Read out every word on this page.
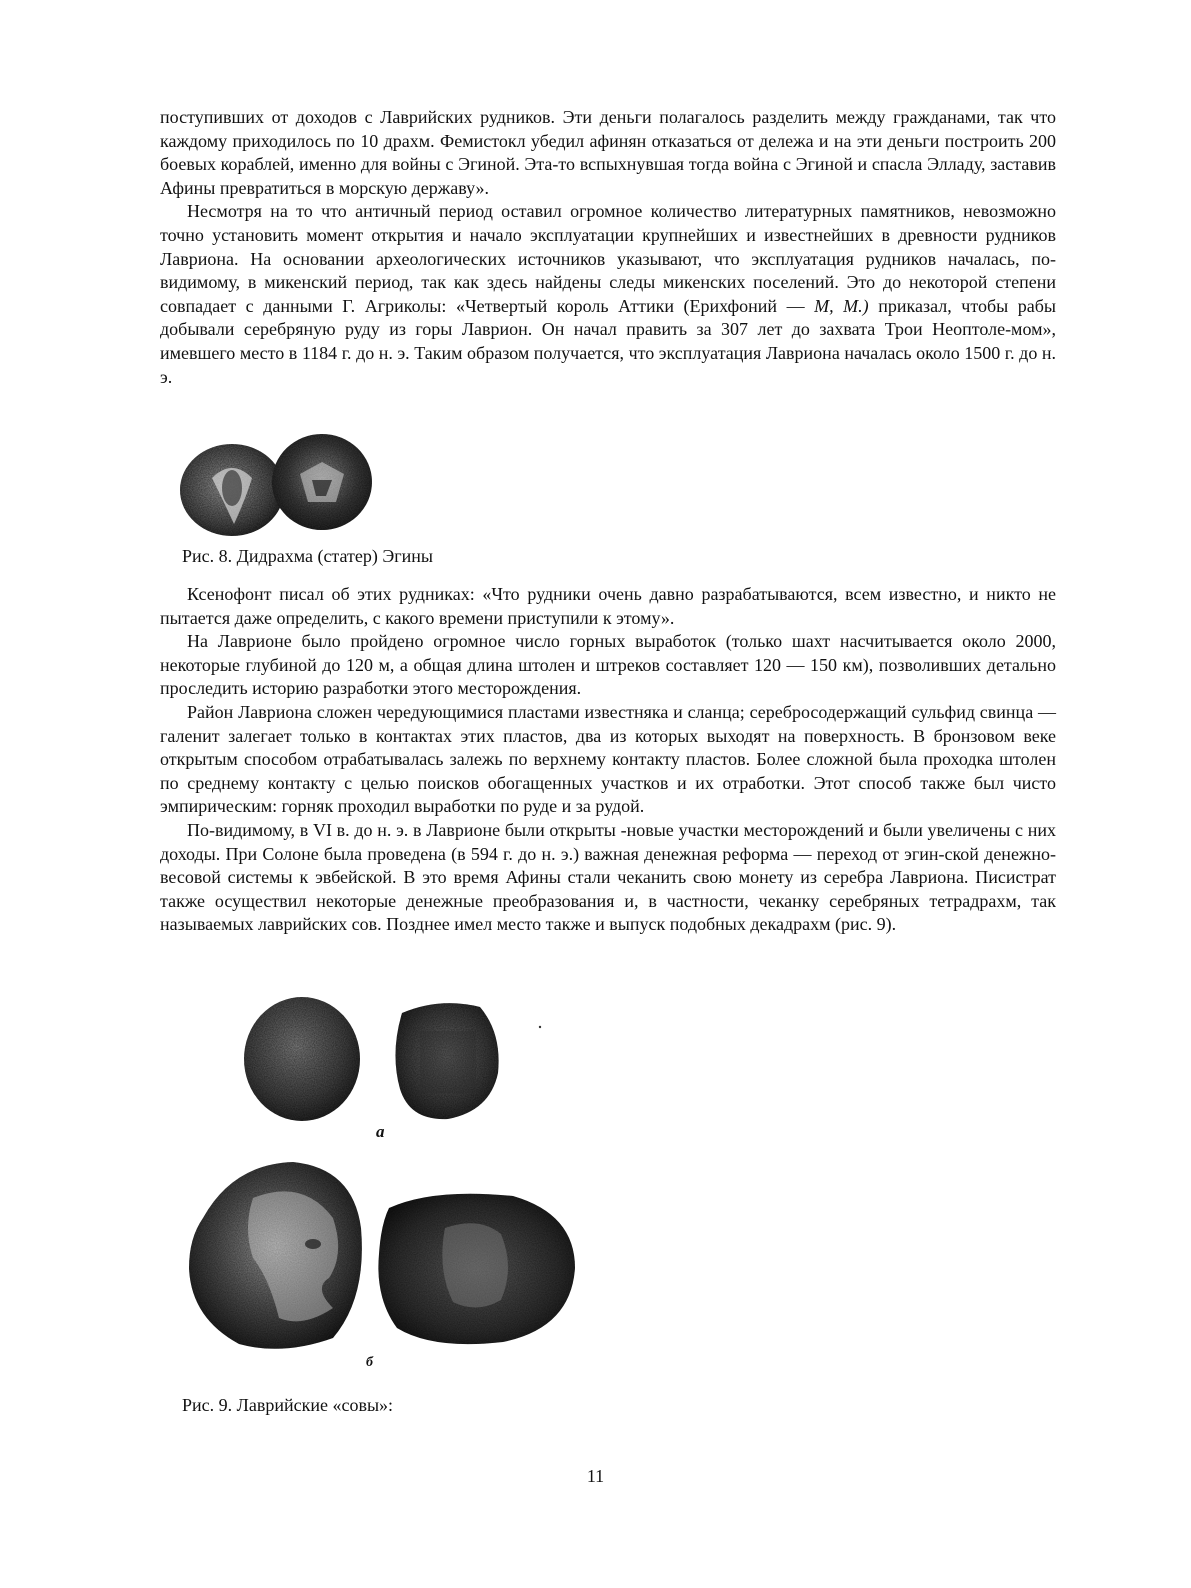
поступивших от доходов с Лаврийских рудников. Эти деньги полагалось разделить между гражданами, так что каждому приходилось по 10 драхм. Фемистокл убедил афинян отказаться от дележа и на эти деньги построить 200 боевых кораблей, именно для войны с Эгиной. Эта-то вспыхнувшая тогда война с Эгиной и спасла Элладу, заставив Афины превратиться в морскую державу».

Несмотря на то что античный период оставил огромное количество литературных памятников, невозможно точно установить момент открытия и начало эксплуатации крупнейших и известнейших в древности рудников Лавриона. На основании археологических источников указывают, что эксплуатация рудников началась, по-видимому, в микенский период, так как здесь найдены следы микенских поселений. Это до некоторой степени совпадает с данными Г. Агриколы: «Четвертый король Аттики (Ерихфоний — М, М.) приказал, чтобы рабы добывали серебряную руду из горы Лаврион. Он начал править за 307 лет до захвата Трои Неоптоле-мом», имевшего место в 1184 г. до н. э. Таким образом получается, что эксплуатация Лавриона началась около 1500 г. до н. э.

Рис. 8. Дидрахма (статер) Эгины

Ксенофонт писал об этих рудниках: «Что рудники очень давно разрабатываются, всем известно, и никто не пытается даже определить, с какого времени приступили к этому».

На Лаврионе было пройдено огромное число горных выработок (только шахт насчитывается около 2000, некоторые глубиной до 120 м, а общая длина штолен и штреков составляет 120 — 150 км), позволивших детально проследить историю разработки этого месторождения.

Район Лавриона сложен чередующимися пластами известняка и сланца; серебросодержащий сульфид свинца — галенит залегает только в контактах этих пластов, два из которых выходят на поверхность. В бронзовом веке открытым способом отрабатывалась залежь по верхнему контакту пластов. Более сложной была проходка штолен по среднему контакту с целью поисков обогащенных участков и их отработки. Этот способ также был чисто эмпирическим: горняк проходил выработки по руде и за рудой.

По-видимому, в VI в. до н. э. в Лаврионе были открыты -новые участки месторождений и были увеличены с них доходы. При Солоне была проведена (в 594 г. до н. э.) важная денежная реформа — переход от эгин-ской денежно-весовой системы к эвбейской. В это время Афины стали чеканить свою монету из серебра Лавриона. Писистрат также осуществил некоторые денежные преобразования и, в частности, чеканку серебряных тетрадрахм, так называемых лаврийских сов. Позднее имел место также и выпуск подобных декадрахм (рис. 9).

а
б
Рис. 9. Лаврийские «совы»:
11
